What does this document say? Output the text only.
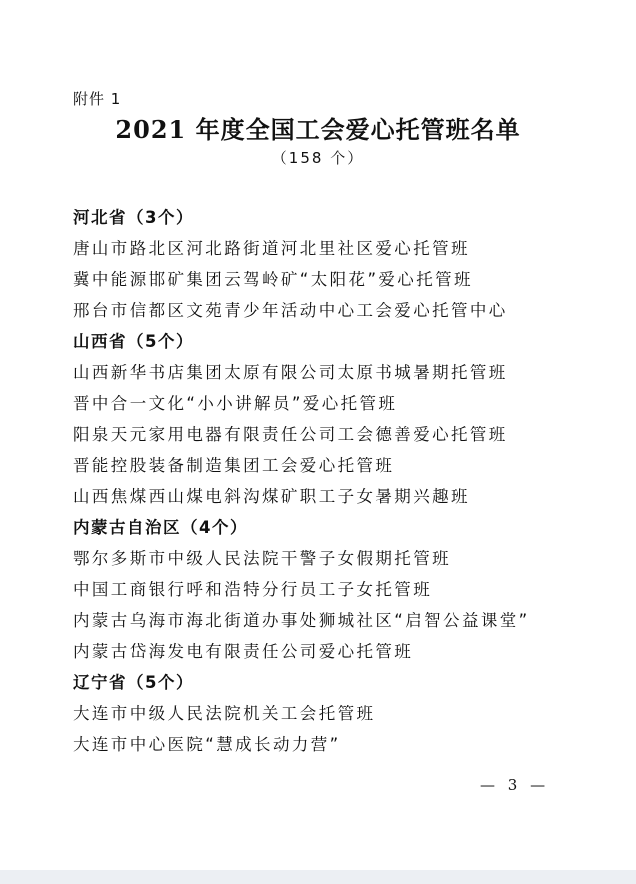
附件 1
2021 年度全国工会爱心托管班名单
（158 个）
河北省（3个）
唐山市路北区河北路街道河北里社区爱心托管班
冀中能源邯矿集团云驾岭矿“太阳花”爱心托管班
邢台市信都区文苑青少年活动中心工会爱心托管中心
山西省（5个）
山西新华书店集团太原有限公司太原书城暑期托管班
晋中合一文化“小小讲解员”爱心托管班
阳泉天元家用电器有限责任公司工会德善爱心托管班
晋能控股装备制造集团工会爱心托管班
山西焦煤西山煤电斜沟煤矿职工子女暑期兴趣班
内蒙古自治区（4个）
鄂尔多斯市中级人民法院干警子女假期托管班
中国工商银行呼和浩特分行员工子女托管班
内蒙古乌海市海北街道办事处狮城社区“启智公益课堂”
内蒙古岱海发电有限责任公司爱心托管班
辽宁省（5个）
大连市中级人民法院机关工会托管班
大连市中心医院“慧成长动力营”
— 3 —
